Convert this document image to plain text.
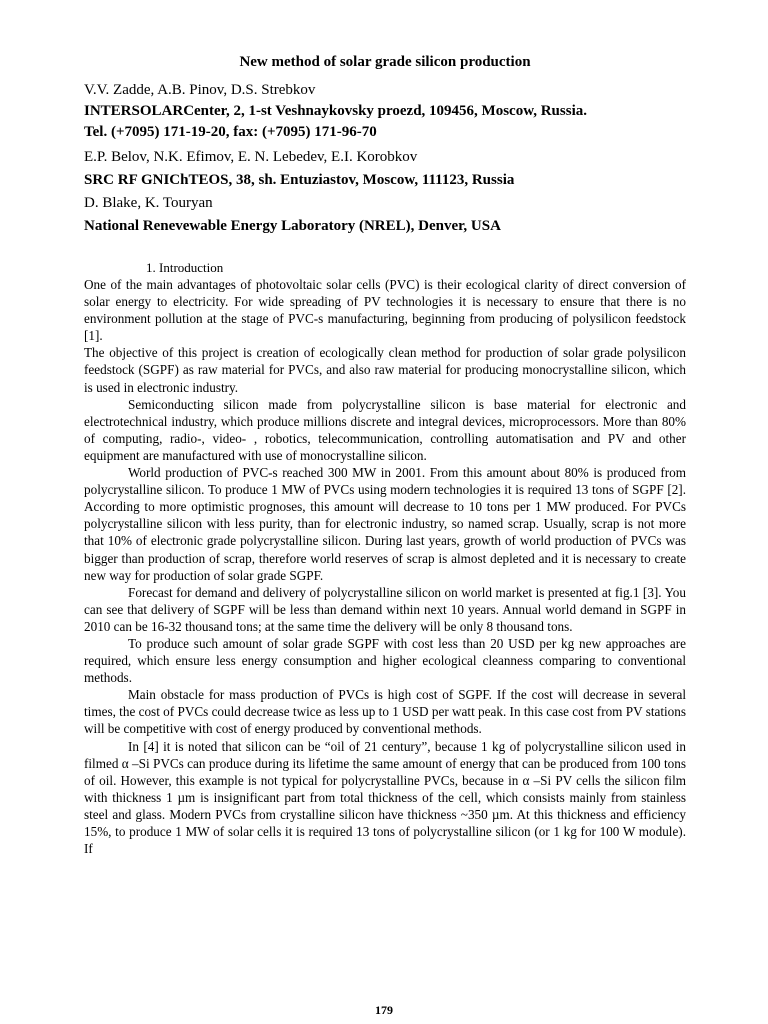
New method of solar grade silicon production
V.V. Zadde, A.B. Pinov, D.S. Strebkov
INTERSOLARCenter, 2, 1-st Veshnaykovsky proezd, 109456, Moscow, Russia.
Tel. (+7095) 171-19-20, fax: (+7095) 171-96-70
E.P. Belov, N.K. Efimov, E. N. Lebedev, E.I. Korobkov
SRC RF GNIChTEOS, 38, sh. Entuziastov, Moscow, 111123, Russia
D. Blake, K. Touryan
National Renevewable Energy Laboratory (NREL), Denver, USA
1. Introduction

One of the main advantages of photovoltaic solar cells (PVC) is their ecological clarity of direct conversion of solar energy to electricity. For wide spreading of PV technologies it is necessary to ensure that there is no environment pollution at the stage of PVC-s manufacturing, beginning from producing of polysilicon feedstock [1].

The objective of this project is creation of ecologically clean method for production of solar grade polysilicon feedstock (SGPF) as raw material for PVCs, and also raw material for producing monocrystalline silicon, which is used in electronic industry.

Semiconducting silicon made from polycrystalline silicon is base material for electronic and electrotechnical industry, which produce millions discrete and integral devices, microprocessors. More than 80% of computing, radio-, video- , robotics, telecommunication, controlling automatisation and PV and other equipment are manufactured with use of monocrystalline silicon.

World production of PVC-s reached 300 MW in 2001. From this amount about 80% is produced from polycrystalline silicon. To produce 1 MW of PVCs using modern technologies it is required 13 tons of SGPF [2]. According to more optimistic prognoses, this amount will decrease to 10 tons per 1 MW produced. For PVCs polycrystalline silicon with less purity, than for electronic industry, so named scrap. Usually, scrap is not more that 10% of electronic grade polycrystalline silicon. During last years, growth of world production of PVCs was bigger than production of scrap, therefore world reserves of scrap is almost depleted and it is necessary to create new way for production of solar grade SGPF.

Forecast for demand and delivery of polycrystalline silicon on world market is presented at fig.1 [3]. You can see that delivery of SGPF will be less than demand within next 10 years. Annual world demand in SGPF in 2010 can be 16-32 thousand tons; at the same time the delivery will be only 8 thousand tons.

To produce such amount of solar grade SGPF with cost less than 20 USD per kg new approaches are required, which ensure less energy consumption and higher ecological cleanness comparing to conventional methods.

Main obstacle for mass production of PVCs is high cost of SGPF. If the cost will decrease in several times, the cost of PVCs could decrease twice as less up to 1 USD per watt peak. In this case cost from PV stations will be competitive with cost of energy produced by conventional methods.

In [4] it is noted that silicon can be “oil of 21 century”, because 1 kg of polycrystalline silicon used in filmed α –Si PVCs can produce during its lifetime the same amount of energy that can be produced from 100 tons of oil. However, this example is not typical for polycrystalline PVCs, because in α –Si PV cells the silicon film with thickness 1 µm is insignificant part from total thickness of the cell, which consists mainly from stainless steel and glass. Modern PVCs from crystalline silicon have thickness ~350 µm. At this thickness and efficiency 15%, to produce 1 MW of solar cells it is required 13 tons of polycrystalline silicon (or 1 kg for 100 W module). If

179
